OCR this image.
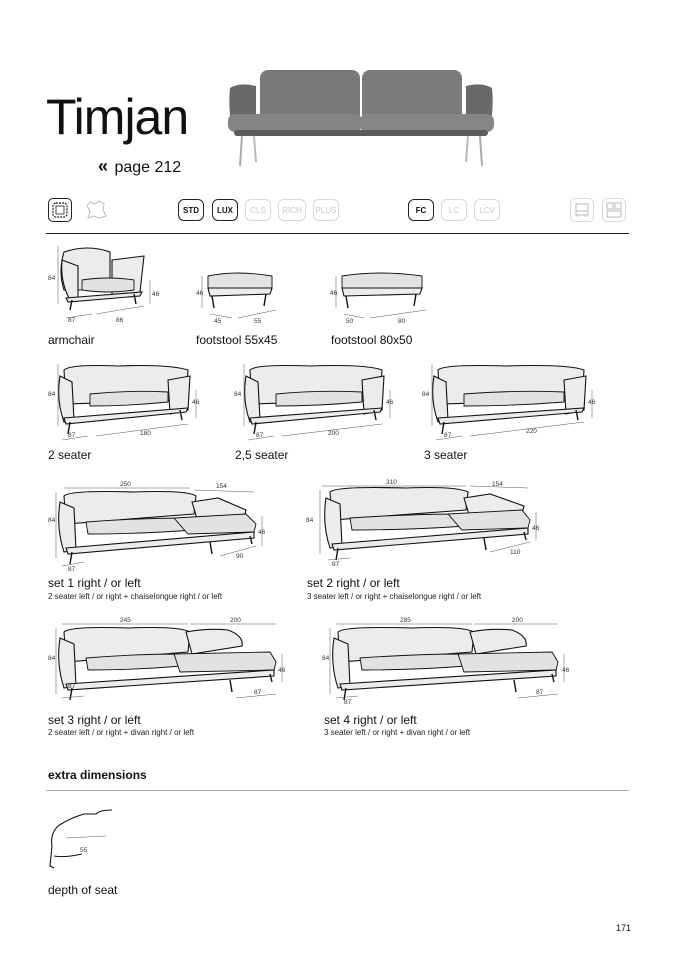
Timjan
« page 212
STD	LUX	CLS	RICH	PLUS	FC	LC	LCV
84
46
87	86
armchair
46
45	55
footstool 55x45
46
50	80
footstool 80x50
84
46
87	180
2 seater
84
46
87	200
2,5 seater
84
46
87
220
3 seater
250	154
84
46
87
90
set 1 right / or left
2 seater left / or right + chaiselongue right / or left
310	154
84
46
87
110
set 2 right / or left
3 seater left / or right + chaiselongue right / or left
245	200
84
46
87
87
set 3 right / or left
2 seater left / or right + divan right / or left
285	200
84
46
87
87
set 4 right / or left
3 seater left / or right + divan right / or left
extra dimensions
55
depth of seat
171
